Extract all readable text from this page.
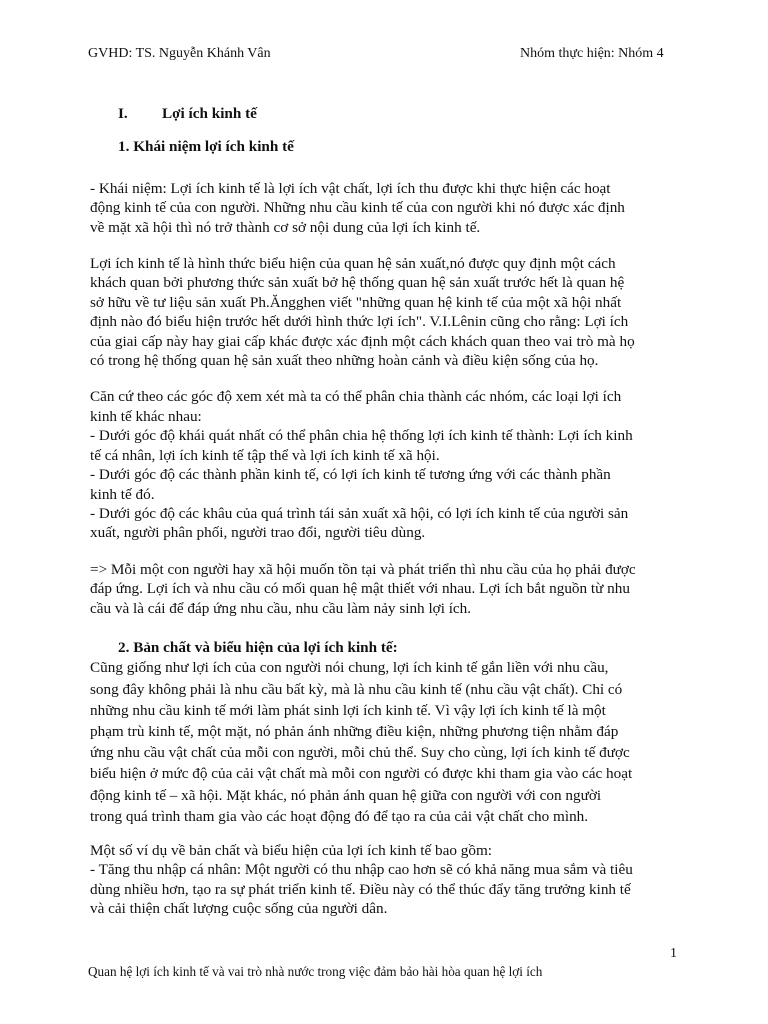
GVHD: TS. Nguyễn Khánh Vân	Nhóm thực hiện: Nhóm 4
I.	Lợi ích kinh tế
1. Khái niệm lợi ích kinh tế
- Khái niệm: Lợi ích kinh tế là lợi ích vật chất, lợi ích thu được khi thực hiện các hoạt
động kinh tế của con người. Những nhu cầu kinh tế của con người khi nó được xác định
về mặt xã hội thì nó trở thành cơ sở nội dung của lợi ích kinh tế.
Lợi ích kinh tế là hình thức biểu hiện của quan hệ sản xuất,nó được quy định một cách
khách quan bởi phương thức sản xuất bở hệ thống quan hệ sản xuất trước hết là quan hệ
sở hữu về tư liệu sản xuất Ph.Ăngghen viết "những quan hệ kinh tế của một xã hội nhất
định nào đó biểu hiện trước hết dưới hình thức lợi ích". V.I.Lênin cũng cho rằng: Lợi ích
của giai cấp này hay giai cấp khác được xác định một cách khách quan theo vai trò mà họ
có trong hệ thống quan hệ sản xuất theo những hoàn cảnh và điều kiện sống của họ.
Căn cứ theo các góc độ xem xét mà ta có thể phân chia thành các nhóm, các loại lợi ích
kinh tế khác nhau:
- Dưới góc độ khái quát nhất có thể phân chia hệ thống lợi ích kinh tế thành: Lợi ích kinh
tế cá nhân, lợi ích kinh tế tập thể và lợi ích kinh tế xã hội.
- Dưới góc độ các thành phần kinh tế, có lợi ích kinh tế tương ứng với các thành phần
kinh tế đó.
- Dưới góc độ các khâu của quá trình tái sản xuất xã hội, có lợi ích kinh tế của người sản
xuất, người phân phối, người trao đổi, người tiêu dùng.
=> Mỗi một con người hay xã hội muốn tồn tại và phát triển thì nhu cầu của họ phải được
đáp ứng. Lợi ích và nhu cầu có mối quan hệ mật thiết với nhau. Lợi ích bắt nguồn từ nhu
cầu và là cái để đáp ứng nhu cầu, nhu cầu làm nảy sinh lợi ích.
2. Bản chất và biểu hiện của lợi ích kinh tế:
Cũng giống như lợi ích của con người nói chung, lợi ích kinh tế gắn liền với nhu cầu,
song đây không phải là nhu cầu bất kỳ, mà là nhu cầu kinh tế (nhu cầu vật chất). Chỉ có
những nhu cầu kinh tế mới làm phát sinh lợi ích kinh tế. Vì vậy lợi ích kinh tế là một
phạm trù kinh tế, một mặt, nó phản ánh những điều kiện, những phương tiện nhằm đáp
ứng nhu cầu vật chất của mỗi con người, mỗi chủ thể. Suy cho cùng, lợi ích kinh tế được
biểu hiện ở mức độ của cải vật chất mà mỗi con người có được khi tham gia vào các hoạt
động kinh tế – xã hội. Mặt khác, nó phản ánh quan hệ giữa con người với con người
trong quá trình tham gia vào các hoạt động đó để tạo ra của cải vật chất cho mình.
Một số ví dụ về bản chất và biểu hiện của lợi ích kinh tế bao gồm:
- Tăng thu nhập cá nhân: Một người có thu nhập cao hơn sẽ có khả năng mua sắm và tiêu
dùng nhiều hơn, tạo ra sự phát triển kinh tế. Điều này có thể thúc đẩy tăng trưởng kinh tế
và cải thiện chất lượng cuộc sống của người dân.
1
Quan hệ lợi ích kinh tế và vai trò nhà nước trong việc đảm bảo hài hòa quan hệ lợi ích
